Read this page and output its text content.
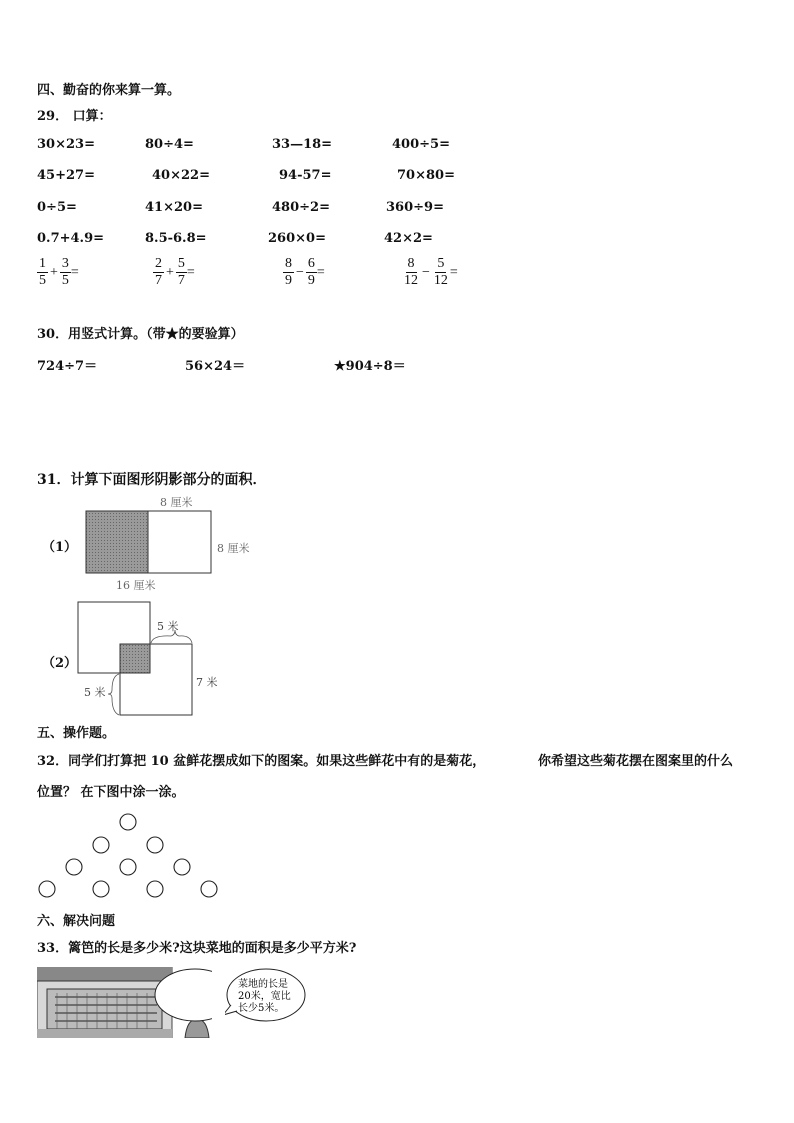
四、勤奋的你来算一算。
29． 口算：
30×23=	80÷4=	33—18=	400÷5=
45+27=	40×22=	94-57=	70×80=
0÷5=	41×20=	480÷2=	360÷9=
0.7+4.9=	8.5-6.8=	260×0=	42×2=
$\frac{1}{5} + \frac{3}{5}$ =	$\frac{2}{7} + \frac{5}{7}$ =	$\frac{8}{9} - \frac{6}{9}$ =	$\frac{8}{12} - \frac{5}{12}$ =
30．用竖式计算。（带★的要验算）
724÷7＝	56×24＝	★904÷8＝
31．计算下面图形阴影部分的面积．
（1）
8 厘米
8 厘米
16 厘米
（2）
5 米
7 米
5 米
五、操作题。
32．同学们打算把 10 盆鲜花摆成如下的图案。如果这些鲜花中有的是菊花，	你希望这些菊花摆在图案里的什么
位置？ 在下图中涂一涂。
六、解决问题
33．篱笆的长是多少米?这块菜地的面积是多少平方米?
菜地的长是
20米，宽比
长少5米。
